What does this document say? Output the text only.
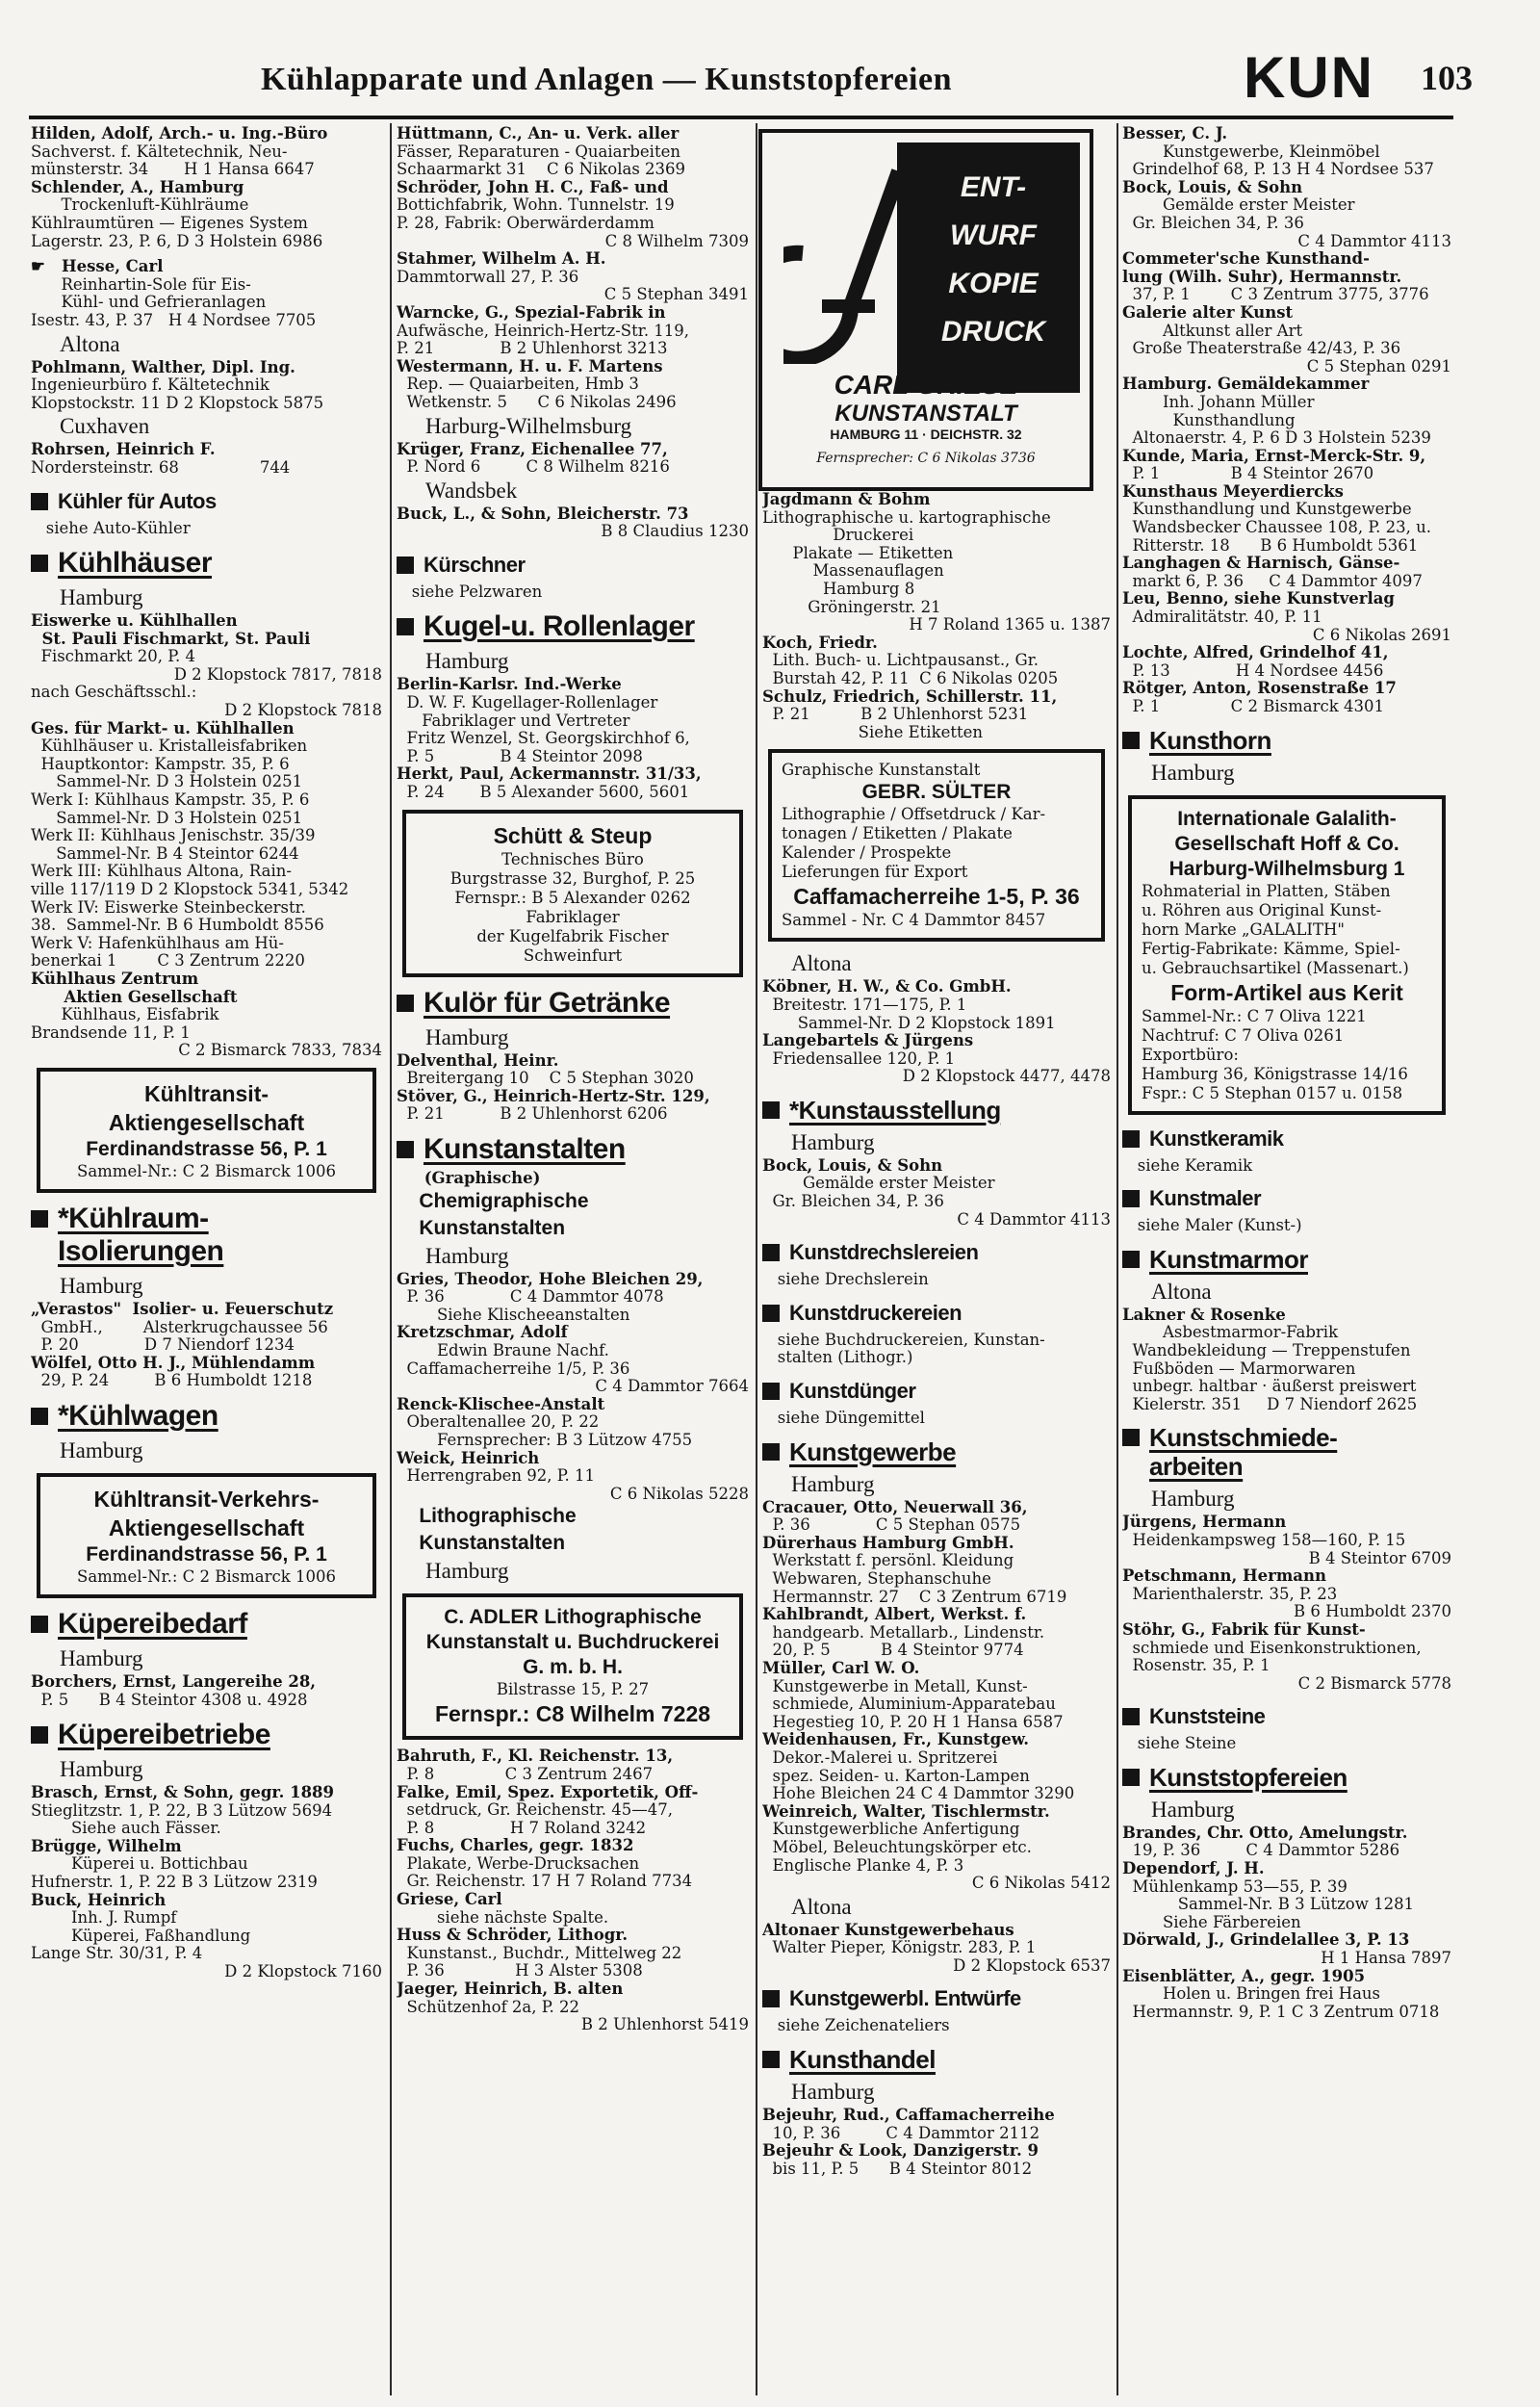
Kühlapparate und Anlagen — Kunststopfereien	KUN 103
Hilden, Adolf, Arch.- u. Ing.-Büro
Sachverst. f. Kältetechnik, Neu-
münsterstr. 34       H 1 Hansa 6647
Schlender, A., Hamburg
Trockenluft-Kühlräume
Kühlraumtüren — Eigenes System
Lagerstr. 23, P. 6, D 3 Holstein 6986
☛   Hesse, Carl
Reinhartin-Sole für Eis-
Kühl- und Gefrieranlagen
Isestr. 43, P. 37   H 4 Nordsee 7705
Altona
Pohlmann, Walther, Dipl. Ing.
Ingenieurbüro f. Kältetechnik
Klopstockstr. 11 D 2 Klopstock 5875
Cuxhaven
Rohrsen, Heinrich F.
Nordersteinstr. 68                744
Kühler für Autos
siehe Auto-Kühler
Kühlhäuser
Hamburg
Eiswerke u. Kühlhallen
St. Pauli Fischmarkt, St. Pauli
Fischmarkt 20, P. 4
D 2 Klopstock 7817, 7818
nach Geschäftsschl.:
D 2 Klopstock 7818
Ges. für Markt- u. Kühlhallen
Kühlhäuser u. Kristalleisfabriken
Hauptkontor: Kampstr. 35, P. 6
Sammel-Nr. D 3 Holstein 0251
Werk I: Kühlhaus Kampstr. 35, P. 6
Sammel-Nr. D 3 Holstein 0251
Werk II: Kühlhaus Jenischstr. 35/39
Sammel-Nr. B 4 Steintor 6244
Werk III: Kühlhaus Altona, Rain-
ville 117/119 D 2 Klopstock 5341, 5342
Werk IV: Eiswerke Steinbeckerstr.
38.  Sammel-Nr. B 6 Humboldt 8556
Werk V: Hafenkühlhaus am Hü-
benerkai 1        C 3 Zentrum 2220
Kühlhaus Zentrum
Aktien Gesellschaft
Kühlhaus, Eisfabrik
Brandsende 11, P. 1
C 2 Bismarck 7833, 7834
Kühltransit-
Aktiengesellschaft
Ferdinandstrasse 56, P. 1
Sammel-Nr.: C 2 Bismarck 1006
*Kühlraum-
Isolierungen
Hamburg
„Verastos"  Isolier- u. Feuerschutz
GmbH.,        Alsterkrugchaussee 56
P. 20             D 7 Niendorf 1234
Wölfel, Otto H. J., Mühlendamm
29, P. 24         B 6 Humboldt 1218
*Kühlwagen
Hamburg
Kühltransit-Verkehrs-
Aktiengesellschaft
Ferdinandstrasse 56, P. 1
Sammel-Nr.: C 2 Bismarck 1006
Küpereibedarf
Hamburg
Borchers, Ernst, Langereihe 28,
P. 5      B 4 Steintor 4308 u. 4928
Küpereibetriebe
Hamburg
Brasch, Ernst, & Sohn, gegr. 1889
Stieglitzstr. 1, P. 22, B 3 Lützow 5694
Siehe auch Fässer.
Brügge, Wilhelm
Küperei u. Bottichbau
Hufnerstr. 1, P. 22 B 3 Lützow 2319
Buck, Heinrich
Inh. J. Rumpf
Küperei, Faßhandlung
Lange Str. 30/31, P. 4
D 2 Klopstock 7160
Hüttmann, C., An- u. Verk. aller
Fässer, Reparaturen - Quaiarbeiten
Schaarmarkt 31    C 6 Nikolas 2369
Schröder, John H. C., Faß- und
Bottichfabrik, Wohn. Tunnelstr. 19
P. 28, Fabrik: Oberwärderdamm
C 8 Wilhelm 7309
Stahmer, Wilhelm A. H.
Dammtorwall 27, P. 36
C 5 Stephan 3491
Warncke, G., Spezial-Fabrik in
Aufwäsche, Heinrich-Hertz-Str. 119,
P. 21             B 2 Uhlenhorst 3213
Westermann, H. u. F. Martens
Rep. — Quaiarbeiten, Hmb 3
Wetkenstr. 5      C 6 Nikolas 2496
Harburg-Wilhelmsburg
Krüger, Franz, Eichenallee 77,
P. Nord 6         C 8 Wilhelm 8216
Wandsbek
Buck, L., & Sohn, Bleicherstr. 73
B 8 Claudius 1230
Kürschner
siehe Pelzwaren
Kugel-u. Rollenlager
Hamburg
Berlin-Karlsr. Ind.-Werke
D. W. F. Kugellager-Rollenlager
Fabriklager und Vertreter
Fritz Wenzel, St. Georgskirchhof 6,
P. 5             B 4 Steintor 2098
Herkt, Paul, Ackermannstr. 31/33,
P. 24       B 5 Alexander 5600, 5601
Schütt & Steup
Technisches Büro
Burgstrasse 32, Burghof, P. 25
Fernspr.: B 5 Alexander 0262
Fabriklager
der Kugelfabrik Fischer
Schweinfurt
Kulör für Getränke
Hamburg
Delventhal, Heinr.
Breitergang 10    C 5 Stephan 3020
Stöver, G., Heinrich-Hertz-Str. 129,
P. 21           B 2 Uhlenhorst 6206
Kunstanstalten
(Graphische)
Chemigraphische
Kunstanstalten
Hamburg
Gries, Theodor, Hohe Bleichen 29,
P. 36             C 4 Dammtor 4078
Siehe Klischeeanstalten
Kretzschmar, Adolf
Edwin Braune Nachf.
Caffamacherreihe 1/5, P. 36
C 4 Dammtor 7664
Renck-Klischee-Anstalt
Oberaltenallee 20, P. 22
Fernsprecher: B 3 Lützow 4755
Weick, Heinrich
Herrengraben 92, P. 11
C 6 Nikolas 5228
Lithographische
Kunstanstalten
Hamburg
C. ADLER Lithographische
Kunstanstalt u. Buchdruckerei
G. m. b. H.
Bilstrasse 15, P. 27
Fernspr.: C8 Wilhelm 7228
Bahruth, F., Kl. Reichenstr. 13,
P. 8              C 3 Zentrum 2467
Falke, Emil, Spez. Exportetik, Off-
setdruck, Gr. Reichenstr. 45—47,
P. 8               H 7 Roland 3242
Fuchs, Charles, gegr. 1832
Plakate, Werbe-Drucksachen
Gr. Reichenstr. 17 H 7 Roland 7734
Griese, Carl
siehe nächste Spalte.
Huss & Schröder, Lithogr.
Kunstanst., Buchdr., Mittelweg 22
P. 36              H 3 Alster 5308
Jaeger, Heinrich, B. alten
Schützenhof 2a, P. 22
B 2 Uhlenhorst 5419
Jagdmann & Bohm
Lithographische u. kartographische
Druckerei
Plakate — Etiketten
Massenauflagen
Hamburg 8
Gröningerstr. 21
H 7 Roland 1365 u. 1387
Koch, Friedr.
Lith. Buch- u. Lichtpausanst., Gr.
Burstah 42, P. 11  C 6 Nikolas 0205
Schulz, Friedrich, Schillerstr. 11,
P. 21          B 2 Uhlenhorst 5231
Siehe Etiketten
Graphische Kunstanstalt
GEBR. SÜLTER
Lithographie / Offsetdruck / Kar-
tonagen / Etiketten / Plakate
Kalender / Prospekte
Lieferungen für Export
Caffamacherreihe 1-5, P. 36
Sammel - Nr. C 4 Dammtor 8457
Altona
Köbner, H. W., & Co. GmbH.
Breitestr. 171—175, P. 1
Sammel-Nr. D 2 Klopstock 1891
Langebartels & Jürgens
Friedensallee 120, P. 1
D 2 Klopstock 4477, 4478
*Kunstausstellung
Hamburg
Bock, Louis, & Sohn
Gemälde erster Meister
Gr. Bleichen 34, P. 36
C 4 Dammtor 4113
Kunstdrechslereien
siehe Drechslerein
Kunstdruckereien
siehe Buchdruckereien, Kunstan-
stalten (Lithogr.)
Kunstdünger
siehe Düngemittel
Kunstgewerbe
Hamburg
Cracauer, Otto, Neuerwall 36,
P. 36             C 5 Stephan 0575
Dürerhaus Hamburg GmbH.
Werkstatt f. persönl. Kleidung
Webwaren, Stephanschuhe
Hermannstr. 27    C 3 Zentrum 6719
Kahlbrandt, Albert, Werkst. f.
handgearb. Metallarb., Lindenstr.
20, P. 5          B 4 Steintor 9774
Müller, Carl W. O.
Kunstgewerbe in Metall, Kunst-
schmiede, Aluminium-Apparatebau
Hegestieg 10, P. 20 H 1 Hansa 6587
Weidenhausen, Fr., Kunstgew.
Dekor.-Malerei u. Spritzerei
spez. Seiden- u. Karton-Lampen
Hohe Bleichen 24 C 4 Dammtor 3290
Weinreich, Walter, Tischlermstr.
Kunstgewerbliche Anfertigung
Möbel, Beleuchtungskörper etc.
Englische Planke 4, P. 3
C 6 Nikolas 5412
Altona
Altonaer Kunstgewerbehaus
Walter Pieper, Königstr. 283, P. 1
D 2 Klopstock 6537
Kunstgewerbl. Entwürfe
siehe Zeichenateliers
Kunsthandel
Hamburg
Bejeuhr, Rud., Caffamacherreihe
10, P. 36         C 4 Dammtor 2112
Bejeuhr & Look, Danzigerstr. 9
bis 11, P. 5      B 4 Steintor 8012
Besser, C. J.
Kunstgewerbe, Kleinmöbel
Grindelhof 68, P. 13 H 4 Nordsee 537
Bock, Louis, & Sohn
Gemälde erster Meister
Gr. Bleichen 34, P. 36
C 4 Dammtor 4113
Commeter'sche Kunsthand-
lung (Wilh. Suhr), Hermannstr.
37, P. 1        C 3 Zentrum 3775, 3776
Galerie alter Kunst
Altkunst aller Art
Große Theaterstraße 42/43, P. 36
C 5 Stephan 0291
Hamburg. Gemäldekammer
Inh. Johann Müller
Kunsthandlung
Altonaerstr. 4, P. 6 D 3 Holstein 5239
Kunde, Maria, Ernst-Merck-Str. 9,
P. 1              B 4 Steintor 2670
Kunsthaus Meyerdiercks
Kunsthandlung und Kunstgewerbe
Wandsbecker Chaussee 108, P. 23, u.
Ritterstr. 18      B 6 Humboldt 5361
Langhagen & Harnisch, Gänse-
markt 6, P. 36     C 4 Dammtor 4097
Leu, Benno, siehe Kunstverlag
Admiralitätstr. 40, P. 11
C 6 Nikolas 2691
Lochte, Alfred, Grindelhof 41,
P. 13             H 4 Nordsee 4456
Rötger, Anton, Rosenstraße 17
P. 1              C 2 Bismarck 4301
Kunsthorn
Hamburg
Internationale Galalith-
Gesellschaft Hoff & Co.
Harburg-Wilhelmsburg 1
Rohmaterial in Platten, Stäben
u. Röhren aus Original Kunst-
horn Marke „GALALITH"
Fertig-Fabrikate: Kämme, Spiel-
u. Gebrauchsartikel (Massenart.)
Form-Artikel aus Kerit
Sammel-Nr.: C 7 Oliva 1221
Nachtruf: C 7 Oliva 0261
Exportbüro:
Hamburg 36, Königstrasse 14/16
Fspr.: C 5 Stephan 0157 u. 0158
Kunstkeramik
siehe Keramik
Kunstmaler
siehe Maler (Kunst-)
Kunstmarmor
Altona
Lakner & Rosenke
Asbestmarmor-Fabrik
Wandbekleidung — Treppenstufen
Fußböden — Marmorwaren
unbegr. haltbar · äußerst preiswert
Kielerstr. 351     D 7 Niendorf 2625
Kunstschmiede-
arbeiten
Hamburg
Jürgens, Hermann
Heidenkampsweg 158—160, P. 15
B 4 Steintor 6709
Petschmann, Hermann
Marienthalerstr. 35, P. 23
B 6 Humboldt 2370
Stöhr, G., Fabrik für Kunst-
schmiede und Eisenkonstruktionen,
Rosenstr. 35, P. 1
C 2 Bismarck 5778
Kunststeine
siehe Steine
Kunststopfereien
Hamburg
Brandes, Chr. Otto, Amelungstr.
19, P. 36         C 4 Dammtor 5286
Dependorf, J. H.
Mühlenkamp 53—55, P. 39
Sammel-Nr. B 3 Lützow 1281
Siehe Färbereien
Dörwald, J., Grindelallee 3, P. 13
H 1 Hansa 7897
Eisenblätter, A., gegr. 1905
Holen u. Bringen frei Haus
Hermannstr. 9, P. 1 C 3 Zentrum 0718
ENT-
WURF
KOPIE
DRUCK
CARL GRIESE
KUNSTANSTALT
HAMBURG 11 · DEICHSTR. 32
Fernsprecher: C 6 Nikolas 3736
